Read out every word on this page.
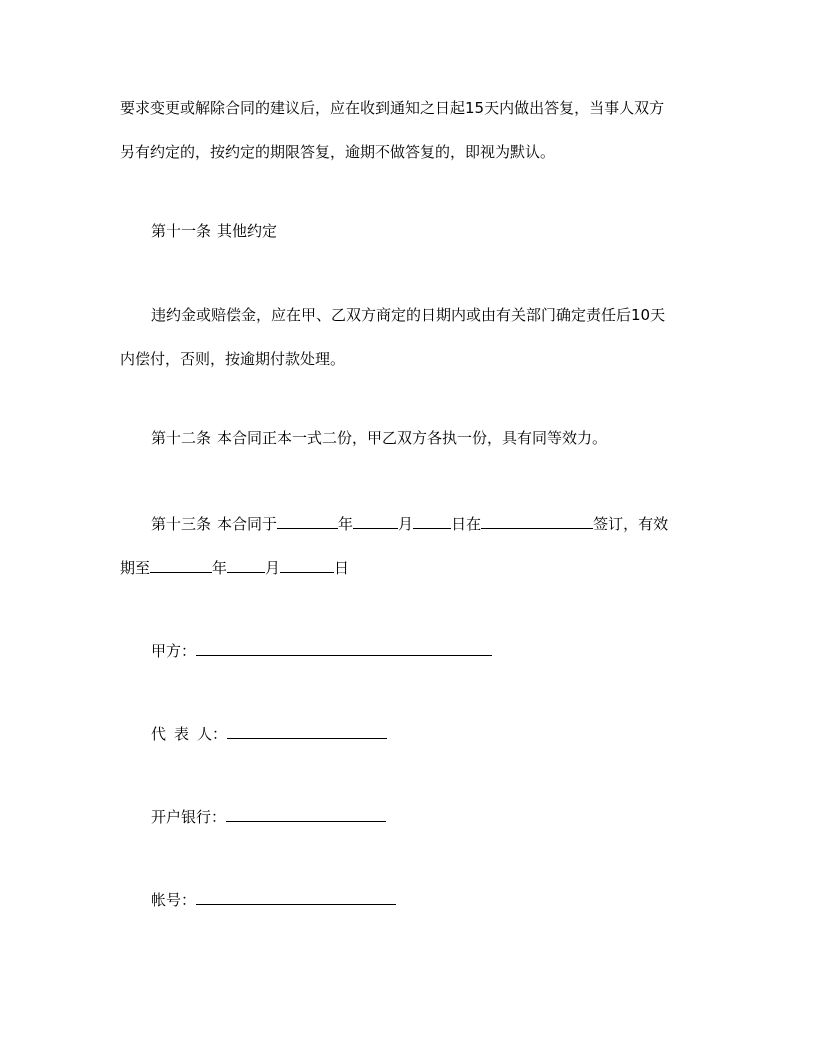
要求变更或解除合同的建议后，应在收到通知之日起15天内做出答复，当事人双方
另有约定的，按约定的期限答复，逾期不做答复的，即视为默认。
第十一条 其他约定
违约金或赔偿金，应在甲、乙双方商定的日期内或由有关部门确定责任后10天
内偿付，否则，按逾期付款处理。
第十二条 本合同正本一式二份，甲乙双方各执一份，具有同等效力。
第十三条 本合同于	年	月	日在	签订，有效
期至	年	月	日
甲方：
代 表 人：
开户银行：
帐号：
